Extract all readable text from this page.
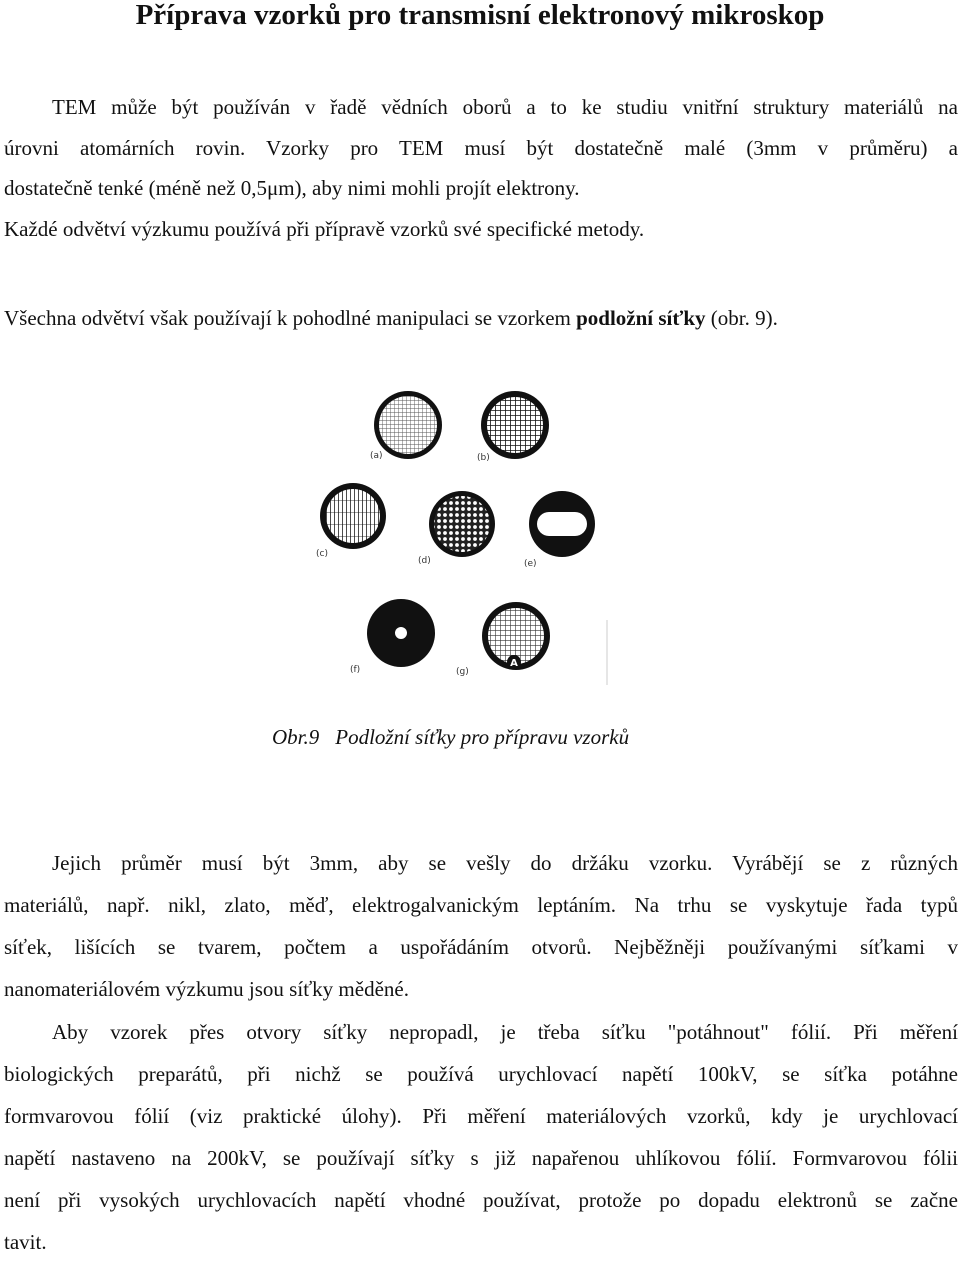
Příprava vzorků pro transmisní elektronový mikroskop
TEM může být používán v řadě vědních oborů a to ke studiu vnitřní struktury materiálů na
úrovni atomárních rovin. Vzorky pro TEM musí být dostatečně malé (3mm v průměru) a
dostatečně tenké (méně než 0,5μm), aby nimi mohli projít elektrony.
Každé odvětví výzkumu používá při přípravě vzorků své specifické metody.
Všechna odvětví však používají k pohodlné manipulaci se vzorkem podložní síťky (obr. 9).
(a)	(b)
(c)
(d)	(e)
(f)
A
(g)
Obr.9 Podložní síťky pro přípravu vzorků
Jejich průměr musí být 3mm, aby se vešly do držáku vzorku. Vyrábějí se z různých
materiálů, např. nikl, zlato, měď, elektrogalvanickým leptáním. Na trhu se vyskytuje řada typů
síťek, lišících se tvarem, počtem a uspořádáním otvorů. Nejběžněji používanými síťkami v
nanomateriálovém výzkumu jsou síťky měděné.
Aby vzorek přes otvory síťky nepropadl, je třeba síťku "potáhnout" fólií. Při měření
biologických preparátů, při nichž se používá urychlovací napětí 100kV, se síťka potáhne
formvarovou fólií (viz praktické úlohy). Při měření materiálových vzorků, kdy je urychlovací
napětí nastaveno na 200kV, se používají síťky s již napařenou uhlíkovou fólií. Formvarovou fólii
není při vysokých urychlovacích napětí vhodné používat, protože po dopadu elektronů se začne
tavit.
